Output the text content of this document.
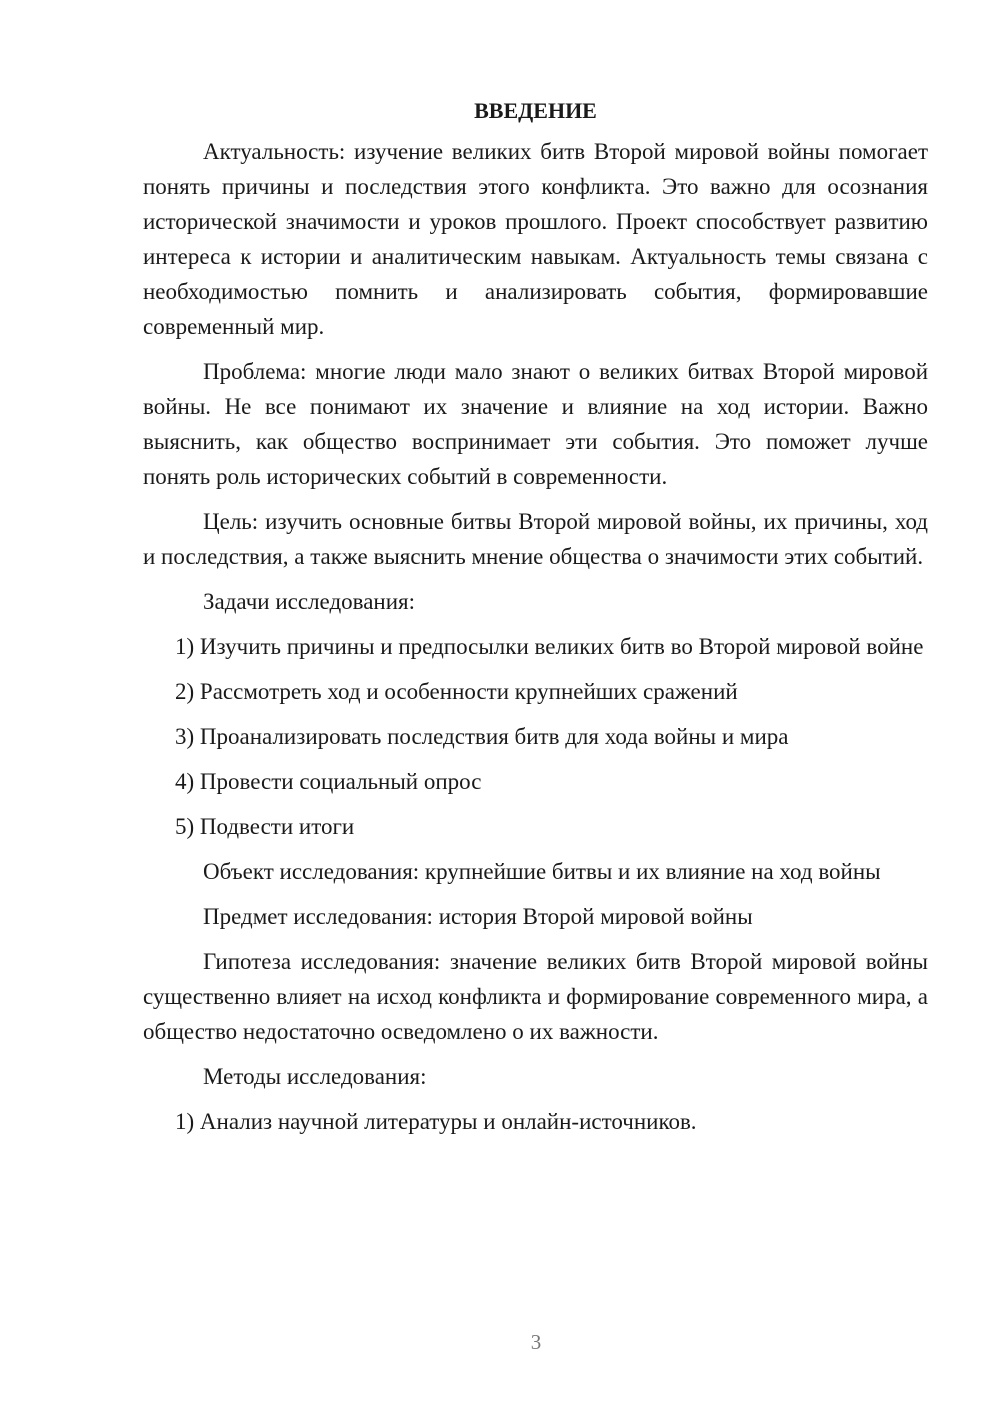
ВВЕДЕНИЕ

Актуальность: изучение великих битв Второй мировой войны помогает понять причины и последствия этого конфликта. Это важно для осознания исторической значимости и уроков прошлого. Проект способствует развитию интереса к истории и аналитическим навыкам. Актуальность темы связана с необходимостью помнить и анализировать события, формировавшие современный мир.

Проблема: многие люди мало знают о великих битвах Второй мировой войны. Не все понимают их значение и влияние на ход истории. Важно выяснить, как общество воспринимает эти события. Это поможет лучше понять роль исторических событий в современности.

Цель: изучить основные битвы Второй мировой войны, их причины, ход и последствия, а также выяснить мнение общества о значимости этих событий.

Задачи исследования:

1) Изучить причины и предпосылки великих битв во Второй мировой войне

2) Рассмотреть ход и особенности крупнейших сражений

3) Проанализировать последствия битв для хода войны и мира

4) Провести социальный опрос

5) Подвести итоги

Объект исследования: крупнейшие битвы и их влияние на ход войны

Предмет исследования: история Второй мировой войны

Гипотеза исследования: значение великих битв Второй мировой войны существенно влияет на исход конфликта и формирование современного мира, а общество недостаточно осведомлено о их важности.

Методы исследования:

1) Анализ научной литературы и онлайн-источников.

3
